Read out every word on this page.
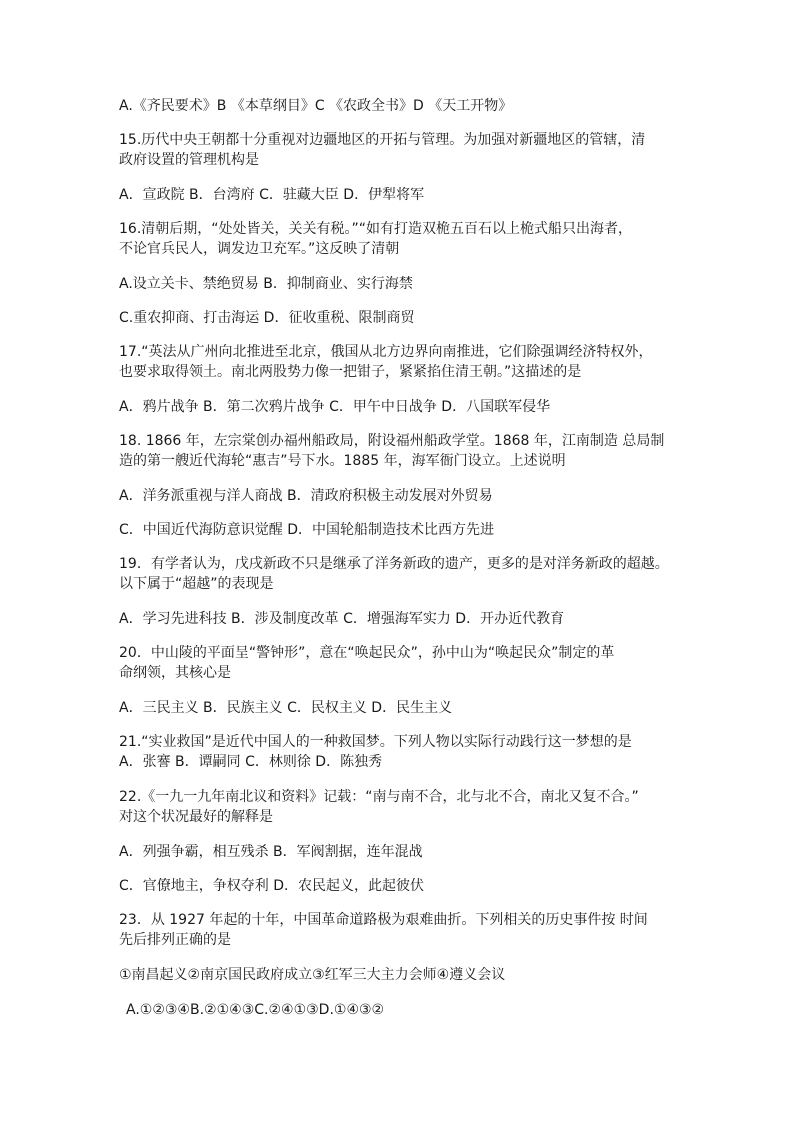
A.《齐民要术》B 《本草纲目》C 《农政全书》D 《天工开物》
15.历代中央王朝都十分重视对边疆地区的开拓与管理。为加强对新疆地区的管辖，清
政府设置的管理机构是
A．宣政院 B．台湾府 C．驻藏大臣 D．伊犁将军
16.清朝后期，“处处皆关，关关有税。”“如有打造双桅五百石以上桅式船只出海者，
不论官兵民人，调发边卫充军。”这反映了清朝
A.设立关卡、禁绝贸易 B．抑制商业、实行海禁
C.重农抑商、打击海运 D．征收重税、限制商贸
17.“英法从广州向北推进至北京，俄国从北方边界向南推进，它们除强调经济特权外，
也要求取得领土。南北两股势力像一把钳子，紧紧掐住清王朝。”这描述的是
A．鸦片战争 B．第二次鸦片战争 C．甲午中日战争 D．八国联军侵华
18. 1866 年，左宗棠创办福州船政局，附设福州船政学堂。1868 年，江南制造 总局制
造的第一艘近代海轮“惠吉”号下水。1885 年，海军衙门设立。上述说明
A．洋务派重视与洋人商战 B．清政府积极主动发展对外贸易
C．中国近代海防意识觉醒 D．中国轮船制造技术比西方先进
19．有学者认为，戊戌新政不只是继承了洋务新政的遗产，更多的是对洋务新政的超越。
以下属于“超越”的表现是
A．学习先进科技 B．涉及制度改革 C．增强海军实力 D．开办近代教育
20．中山陵的平面呈“警钟形”，意在“唤起民众”，孙中山为“唤起民众”制定的革
命纲领，其核心是
A．三民主义 B．民族主义 C．民权主义 D．民生主义
21.“实业救国”是近代中国人的一种救国梦。下列人物以实际行动践行这一梦想的是
A．张謇 B．谭嗣同 C．林则徐 D．陈独秀
22.《一九一九年南北议和资料》记载：“南与南不合，北与北不合，南北又复不合。”
对这个状况最好的解释是
A．列强争霸，相互残杀 B．军阀割据，连年混战
C．官僚地主，争权夺利 D．农民起义，此起彼伏
23．从 1927 年起的十年，中国革命道路极为艰难曲折。下列相关的历史事件按 时间
先后排列正确的是
①南昌起义②南京国民政府成立③红军三大主力会师④遵义会议
A.①②③④B.②①④③C.②④①③D.①④③②
